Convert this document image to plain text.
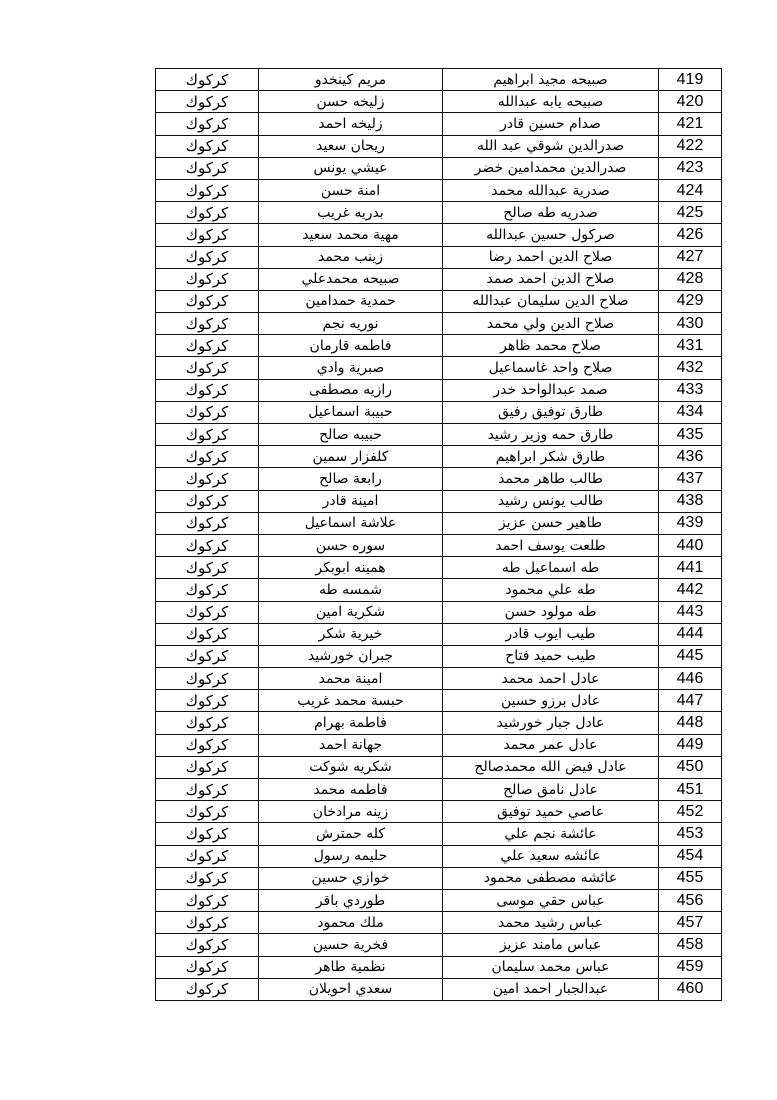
كركوك	مريم كينخدو	صبيحه مجيد ابراهيم	419
كركوك	زليخه حسن	صبيحه يابه عبدالله	420
كركوك	زليخه احمد	صدام حسين قادر	421
كركوك	ريحان سعيد	صدرالدين شوقي عبد الله	422
كركوك	عيشي يونس	صدرالدين محمدامين خضر	423
كركوك	امنة حسن	صدرية عبدالله محمد	424
كركوك	بدريه غريب	صدريه طه صالح	425
كركوك	مهية محمد سعيد	صركول حسين عبدالله	426
كركوك	زينب محمد	صلاح الدين احمد رضا	427
كركوك	صبيحه محمدعلي	صلاح الدين احمد صمد	428
كركوك	حمدية حمدامين	صلاح الدين سليمان عبدالله	429
كركوك	نوريه نجم	صلاح الدين ولي محمد	430
كركوك	فاطمه قارمان	صلاح محمد ظاهر	431
كركوك	صبرية وادي	صلاح واحد غاسماعيل	432
كركوك	رازيه مصطفى	صمد عبدالواحد خدر	433
كركوك	حبيبة اسماعيل	طارق توفيق رفيق	434
كركوك	حبيبه صالح	طارق حمه وزير رشيد	435
كركوك	كلفزار سمين	طارق شكر ابراهيم	436
كركوك	رابعة صالح	طالب طاهر محمد	437
كركوك	امينة قادر	طالب يونس رشيد	438
كركوك	علاشة اسماعيل	طاهير حسن عزيز	439
كركوك	سوره حسن	طلعت يوسف احمد	440
كركوك	همينه ابوبكر	طه اسماعيل طه	441
كركوك	شمسه طه	طه علي محمود	442
كركوك	شكرية امين	طه مولود حسن	443
كركوك	خيرية شكر	طيب ايوب قادر	444
كركوك	جبران خورشيد	طيب حميد فتاح	445
كركوك	امينة محمد	عادل احمد محمد	446
كركوك	حبسة محمد غريب	عادل برزو حسين	447
كركوك	فاطمة بهرام	عادل جبار خورشيد	448
كركوك	جهانة احمد	عادل عمر محمد	449
كركوك	شكريه شوكت	عادل فيض الله محمدصالح	450
كركوك	فاطمه محمد	عادل نامق صالح	451
كركوك	زينه مرادخان	عاصي حميد توفيق	452
كركوك	كله حمترش	عائشة نجم علي	453
كركوك	حليمه رسول	عائشه سعيد علي	454
كركوك	خوازي حسين	عائشه مصطفى محمود	455
كركوك	طوردي باقر	عباس حقي موسى	456
كركوك	ملك محمود	عباس رشيد محمد	457
كركوك	فخرية حسين	عباس مامند عزيز	458
كركوك	نظمية طاهر	عباس محمد سليمان	459
كركوك	سعدي احويلان	عبدالجبار احمد امين	460
